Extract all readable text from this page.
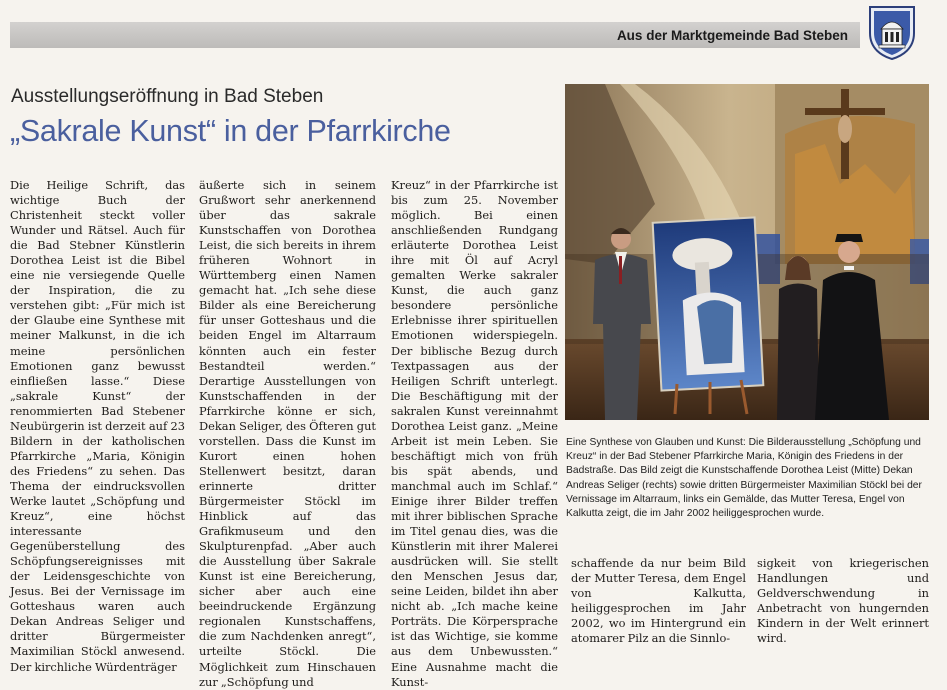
Aus der Marktgemeinde Bad Steben
Ausstellungseröffnung in Bad Steben
„Sakrale Kunst“ in der Pfarrkirche

Die Heilige Schrift, das wichtige Buch der Christenheit steckt voller Wunder und Rätsel. Auch für die Bad Stebner Künstlerin Dorothea Leist ist die Bibel eine nie versiegende Quelle der Inspiration, die zu verstehen gibt: „Für mich ist der Glaube eine Synthese mit meiner Malkunst, in die ich meine persönlichen Emotionen ganz bewusst einfließen lasse.“ Diese „sakrale Kunst“ der renommierten Bad Stebener Neubürgerin ist derzeit auf 23 Bildern in der katholischen Pfarrkirche „Maria, Königin des Friedens“ zu sehen. Das Thema der eindrucksvollen Werke lautet „Schöpfung und Kreuz“, eine höchst interessante Gegenüberstellung des Schöpfungsereignisses mit der Leidensgeschichte von Jesus. Bei der Vernissage im Gotteshaus waren auch Dekan Andreas Seliger und dritter Bürgermeister Maximilian Stöckl anwesend. Der kirchliche Würdenträger

äußerte sich in seinem Grußwort sehr anerkennend über das sakrale Kunstschaffen von Dorothea Leist, die sich bereits in ihrem früheren Wohnort in Württemberg einen Namen gemacht hat. „Ich sehe diese Bilder als eine Bereicherung für unser Gotteshaus und die beiden Engel im Altarraum könnten auch ein fester Bestandteil werden.“ Derartige Ausstellungen von Kunstschaffenden in der Pfarrkirche könne er sich, Dekan Seliger, des Öfteren gut vorstellen. Dass die Kunst im Kurort einen hohen Stellenwert besitzt, daran erinnerte dritter Bürgermeister Stöckl im Hinblick auf das Grafikmuseum und den Skulpturenpfad. „Aber auch die Ausstellung über Sakrale Kunst ist eine Bereicherung, sicher aber auch eine beeindruckende Ergänzung regionalen Kunstschaffens, die zum Nachdenken anregt“, urteilte Stöckl. Die Möglichkeit zum Hinschauen zur „Schöpfung und

Kreuz“ in der Pfarrkirche ist bis zum 25. November möglich. Bei einen anschließenden Rundgang erläuterte Dorothea Leist ihre mit Öl auf Acryl gemalten Werke sakraler Kunst, die auch ganz besondere persönliche Erlebnisse ihrer spirituellen Emotionen widerspiegeln. Der biblische Bezug durch Textpassagen aus der Heiligen Schrift unterlegt. Die Beschäftigung mit der sakralen Kunst vereinnahmt Dorothea Leist ganz. „Meine Arbeit ist mein Leben. Sie beschäftigt mich von früh bis spät abends, und manchmal auch im Schlaf.“ Einige ihrer Bilder treffen mit ihrer biblischen Sprache im Titel genau dies, was die Künstlerin mit ihrer Malerei ausdrücken will. Sie stellt den Menschen Jesus dar, seine Leiden, bildet ihn aber nicht ab. „Ich mache keine Porträts. Die Körpersprache ist das Wichtige, sie komme aus dem Unbewussten.“ Eine Ausnahme macht die Kunst-

schaffende da nur beim Bild der Mutter Teresa, dem Engel von Kalkutta, heiliggesprochen im Jahr 2002, wo im Hintergrund ein atomarer Pilz an die Sinnlo-

sigkeit von kriegerischen Handlungen und Geldverschwendung in Anbetracht von hungernden Kindern in der Welt erinnert wird.

Eine Synthese von Glauben und Kunst: Die Bilderausstellung „Schöpfung und Kreuz“ in der Bad Stebener Pfarrkirche Maria, Königin des Friedens in der Badstraße. Das Bild zeigt die Kunstschaffende Dorothea Leist (Mitte) Dekan Andreas Seliger (rechts) sowie dritten Bürgermeister Maximilian Stöckl bei der Vernissage im Altarraum, links ein Gemälde, das Mutter Teresa, Engel von Kalkutta zeigt, die im Jahr 2002 heiliggesprochen wurde.
